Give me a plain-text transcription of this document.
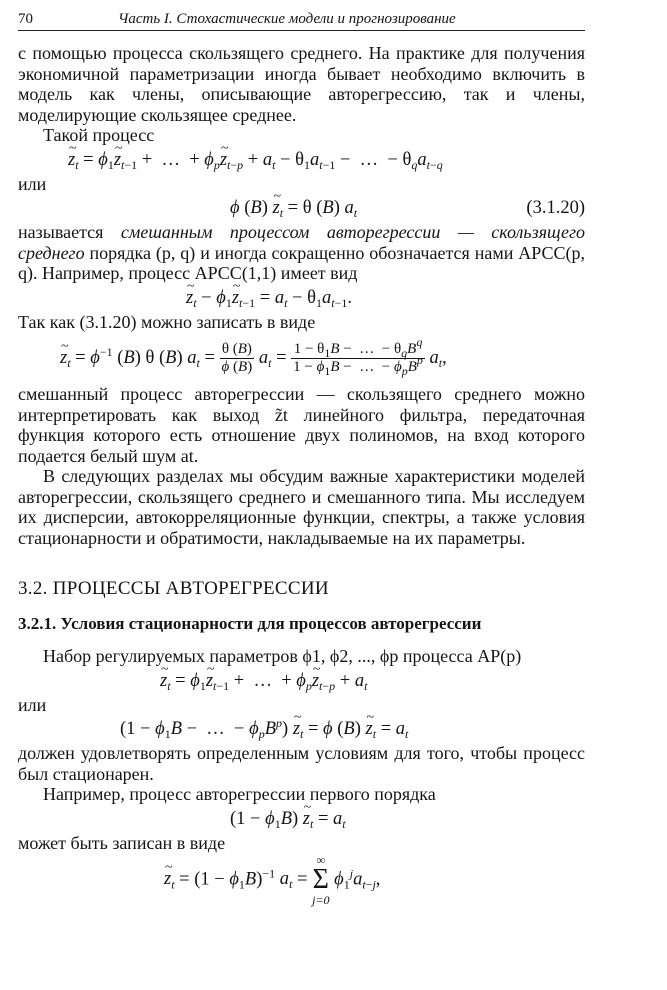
70	Часть I. Стохастические модели и прогнозирование

с помощью процесса скользящего среднего. На практике для получения экономичной параметризации иногда бывает необходимо включить в модель как члены, описывающие авторегрессию, так и члены, моделирующие скользящее среднее.

Такой процесс

~ $z_t$ = $\phi_1\sim$ $z_{t-1}$ +  …  + $\phi_p\sim$ $z_{t-p} + a_t - \theta_1a_{t-1}$ −  …  − $\theta_qa_{t-q}$

или

ϕ (B) ~ $z_t = \theta$ (B) $a_t$	(3.1.20)

называется смешанным процессом авторегрессии — скользящего среднего порядка (p, q) и иногда сокращенно обозначается нами АРСС(p, q). Например, процесс АРСС(1,1) имеет вид

~ $z_t$ − $\phi_1\sim$ $z_{t-1} = a_t - \theta_1a_{t-1}$.

Так как (3.1.20) можно записать в виде

~ $z_t = \phi^{-1}$ (B) θ (B) $a_t = \frac{\theta (B)}{\phi (B)} a_t = \frac{1 - \theta_1B - \dots - \theta_qB^q}{1 - \phi_1B - \dots - \phi_pB^p} a_t$,

смешанный процесс авторегрессии — скользящего среднего можно интерпретировать как выход z̃t линейного фильтра, передаточная функция которого есть отношение двух полиномов, на вход которого подается белый шум at.

В следующих разделах мы обсудим важные характеристики моделей авторегрессии, скользящего среднего и смешанного типа. Мы исследуем их дисперсии, автокорреляционные функции, спектры, а также условия стационарности и обратимости, накладываемые на их параметры.

3.2. ПРОЦЕССЫ АВТОРЕГРЕССИИ
3.2.1. Условия стационарности для процессов авторегрессии

Набор регулируемых параметров ϕ1, ϕ2, ..., ϕp процесса АР(p)

~ $z_t$ = $\phi_1\sim$ $z_{t-1}$ +  …  + $\phi_p\sim$ $z_{t-p} + a_t$

или

($1 - \phi_1B$ −  …  − $\phi_pB^p$) ~ $z_t = \phi$ (B) ~ $z_t = a_t$

должен удовлетворять определенным условиям для того, чтобы процесс был стационарен.

Например, процесс авторегрессии первого порядка

$(1 - \phi_1B)$ ~ $z_t = a_t$

может быть записан в виде

~ $z_t = (1 - \phi_1B)^{-1}$ $a_t$ =
∞
Σ
j=0
$\phi_1^ja_{t-j}$,
